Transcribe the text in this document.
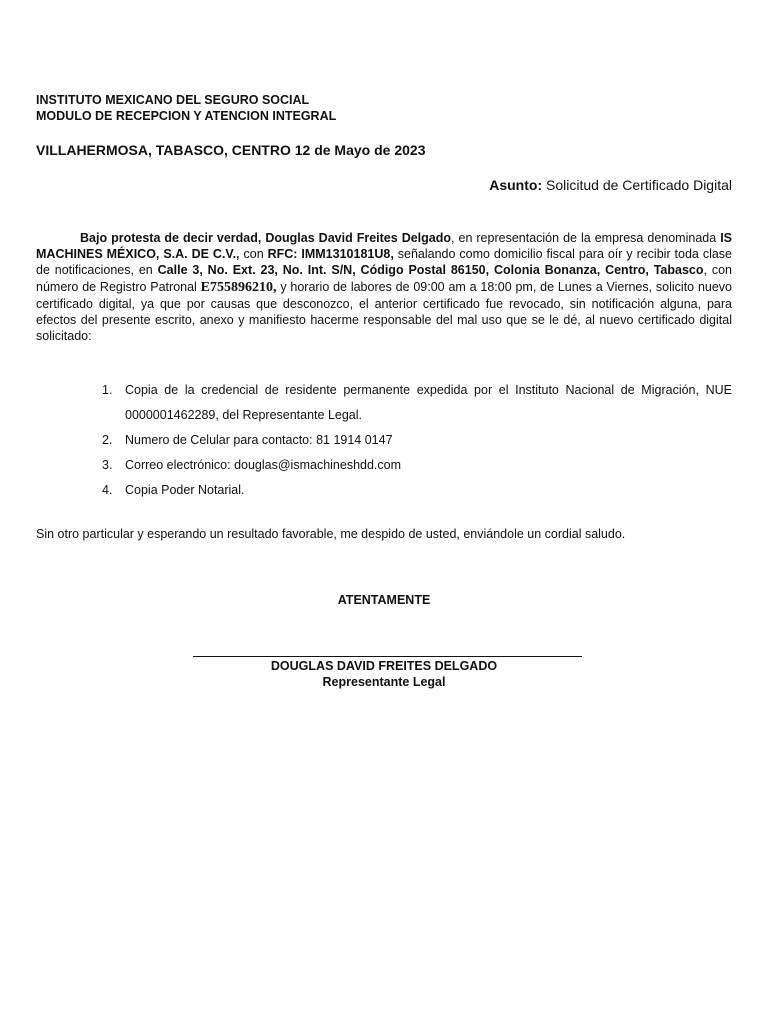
INSTITUTO MEXICANO DEL SEGURO SOCIAL
MODULO DE RECEPCION Y ATENCION INTEGRAL
VILLAHERMOSA, TABASCO, CENTRO 12 de Mayo de 2023
Asunto: Solicitud de Certificado Digital

Bajo protesta de decir verdad, Douglas David Freites Delgado, en representación de la empresa denominada IS MACHINES MÉXICO, S.A. DE C.V., con RFC: IMM1310181U8, señalando como domicilio fiscal para oír y recibir toda clase de notificaciones, en Calle 3, No. Ext. 23, No. Int. S/N, Código Postal 86150, Colonia Bonanza, Centro, Tabasco, con número de Registro Patronal E755896210, y horario de labores de 09:00 am a 18:00 pm, de Lunes a Viernes, solicito nuevo certificado digital, ya que por causas que desconozco, el anterior certificado fue revocado, sin notificación alguna, para efectos del presente escrito, anexo y manifiesto hacerme responsable del mal uso que se le dé, al nuevo certificado digital solicitado:

1. Copia de la credencial de residente permanente expedida por el Instituto Nacional de Migración, NUE 0000001462289, del Representante Legal.
2. Numero de Celular para contacto: 81 1914 0147
3. Correo electrónico: douglas@ismachineshdd.com
4. Copia Poder Notarial.
Sin otro particular y esperando un resultado favorable, me despido de usted, enviándole un cordial saludo.
ATENTAMENTE
DOUGLAS DAVID FREITES DELGADO
Representante Legal
